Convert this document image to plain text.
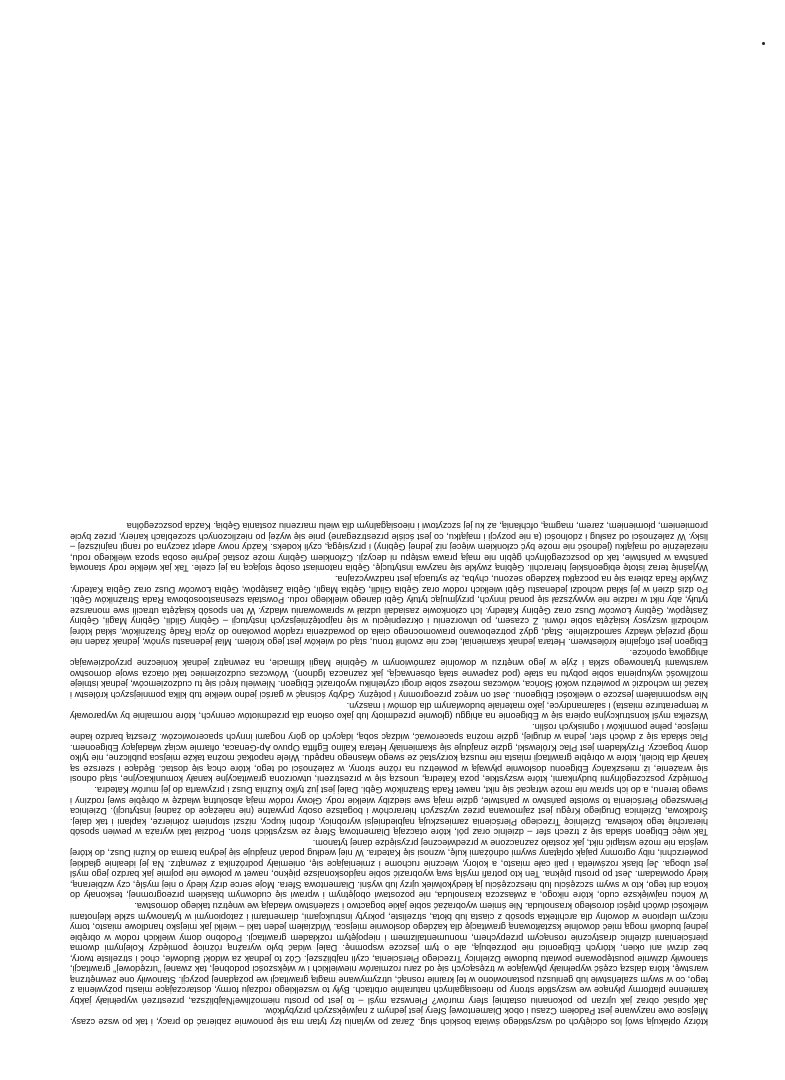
którzy opłakują swój los odciętych od wszystkiego świata boskich sług. Zaraz po wylaniu łzy tytan ma się ponownie zabierać do pracy, i tak po wsze czasy. Miejsce owe nazywane jest Padołem Czasu i obok Diamentowej Sfery jest jednym z największych przybytków.

Jak opisać obraz jak ujrzan po pokonaniu ostatniej sfery murów? Pierwsza myśl – to jest po prostu niemożliwe!Najbliższa, przestrzeń wypełniały jakby kamienne platformy płynące we wszystkie strony po nieosiągalnych naturalnie orbitach. Były to wszelkiego rodzaju formy, dostarczające miastu pożywienia z tego, co w swym szaleństwie lub geniuszu postanowiono w tej krainie rosnąć, utrzymywane magią grawitacji we pożądanej pozycji. Stanowiły one zewnętrzną warstwę, która dalszą część wypełniały pływające w trzęsących się od zaru rozmiarów niewielkich i w większości podobnej, tak zwanej "urzędowej" grawitacji, stanowiły dziwnie poustępowane powiatu budowie Dzielnicy Trzeciego Pierścienia, czyli najbliższej. Cóż to jednak za widok! Budowle, choć i strzeliste twory, bez drzwi ani okien, których Ebigeonici nie potrzebują, ale o tym jeszcze wspomnę. Dalej widać było wyraźną różnicę pomiędzy Kolejnymi dwoma pierścieniami dzielnic drastycznie rosnącym przepychem, monumentalizmem i niepojętym rozkładem grawitacji. Podobno domy wielkich rodów w obrębie jednej budowli mogą mieć dowolnie kształtowaną grawitację dla każdego dosłownie miejsca. Widziałem jeden taki – wielki jak miejsko handlowe miasto, tomy niczym ulepione w dowolny dla architekta sposób z ciasta lub błota, strzeliste, pokryty instrukcjami, diamentami i zatopionymi w tytanowym szkle klejnotami wielkości dwóch pięści dorosłego krasnoluda. Nie śmiem wyobrażać sobie jakie bogactwo i szaleństwo władają we wnętrzu takiego domostwa.

W końcu największe cudo, które nikogo, a zwłaszcza krasnoluda, nie pozostawi obojętnym i wprawi się cudownym blaskiem przeogromnej, teskonały do końca dni tego, kto w swym szczęściu lub nieszczęściu ją kiedykolwiek ujrzy lub wyśni. Diamentowa Sfera. Moje serce drży kiedy o niej myślę, czy wzbieraną, kiedy opowiadam. Jest po prostu piękna. Ten kto potrafi myślą swą wyobrazić sobie najdoskonalsze piękno, nawet w połowie nie pojmie jak bardzo jego myśl jest uboga. Jej blask rozświetla i pali całe miasto, a kolory, wiecznie ruchome i zmieniające się, oniemiały podróżnika z zewnątrz. Na jej idealnie gładkiej powierzchni, niby ogromny pająk oplątany swymi odnóżami kulę, wznosi się Katedra. W niej według podań znajduje się jedyna brama do Kuźni Dusz, do której wejścia nie może wstąpić nikt, jak zostało zaznaczone w przedwiecznej przysiędze danej tytanom.

Tak więc Ebigeon składa się z trzech sfer – dzielnic oraz pól, które otaczają Diamentową Sferę ze wszystkich stron. Podział taki wyraża w pewien sposób hierarchię tego kolestwa. Dzielnicę Trzeciego Pierścienia zamieszkują najbiedniejsi wyrobnicy, drobni kupcy, niższi stopniem żołnierze, kapłani i tak dalej. Środkowa, Dzielnica Drugiego Kręgu jest zajmowana przez wyższych hierarchów i bogatsze osoby prywatne (nie należące do żadnej instytucji). Dzielnica Pierwszego Pierścienia to swoiste państwo w państwie, gdzie mają swe siedziby wielkie rody. Głowy rodów mają absolutną władzę w obrębie swej rodziny i swego terenu, a do ich spraw nie może wtrącać się nikt, nawet Rada Strażników Gębi. Dalej jest już tylko Kuźnia Dusz i przywarta do jej murów Katedra.

Pomiędzy poszczególnymi budynkami, które wszystkie, poza Katedrą, unoszą się w przestrzeni, utworzona grawitacyjne kanały komunikacyjne, stąd odnosi się wrażenie, iż mieszkańcy Ebigeonu dosłownie pływają w powietrzu na różne strony, w zależności od tego, które chcą się dostać. Będące i szersze są kanały dla bicieli, które w obrębie grawitacji miasta nie muszą korzystać ze swego własnego napędu. Wiele napotkać można także miejsca publiczne, nie tylko domy bogaczy. Przykładem jest Plac Królewski, gdzie znajduje się skamieniały Hetara Kalino Egfitta Opuvo Ap-Genaca, ofiarnie wciąż władający Ebigeonem. Plac składa się z dwóch sfer, jedna w drugiej, gdzie można spacerować, widząc sobą, idących do góry nogami innych spacerowiczów. Zresztą bardzo ładne miejsce, pełne pomników i ogniskych roślin.

Wszelka myśl konstrukcyjna opiera się w Ebigeonie na ahiggu (głownie przedmioty lub jako osłona dla przedmiotów cennych, które normalnie by wyparowały w temperaturze miasta) i salamandryce, jako materiale budowlanym dla domów i maszyn.

Nie wspomniałem jeszcze o wielkości Ebigeonu. Jest on wręcz przeogromny i potężny. Gdyby ścisnąć w garści jedno wielkie tub kilka pomniejszych królestw i kazać im wchodzić w powietrzu wokół Słońca, wówczas możesz sobie drogi czytelniku wyobrazić Ebigeon. Niewielu kręci się tu cudzoziemców, jednak istnieje możliwość wykupienia sobie pobytu na stałe (pod zapewne stałą obserwacją, jak zaznacza Igdnon). Wówczas cudzoziemiec taki otacza swoje domostwo warstwami tytanowego szkła i żyje w jego wnętrzu w dowolnie zamówionym w Gębinie Magii klimacie, na zewnątrz jednak konieczne przyodziewając ahiggową opończe.

Ebigeon jest oficjalnie królestwem. Hetara jednak skamieniał, lecz nie zwolnił tronu, stąd od wieków jest jego królem. Miał jedenastu synów, jednak żaden nie mógł przejąć władzy samodzielnie. Stąd, gdyż potrzebowano prawomocnego ciała do powadzenia rządów powołano do życia Radę Strażników, skład której wchodzili wszyscy książęta sobie równi. Z czasem, po utworzeniu i okrzepnięciu w się najpotężniejszych instytucji – Gębiny Glidii, Gębiny Magii, Gębiny Zastępów, Gębiny Łowców Dusz oraz Gębiny Katedry. Ich członkowie zasiadali udział w sprawowaniu władzy. W ten sposób książęta utracili swe monarsze tytuły, aby nikt w radzie nie wywyższał się ponad innych, przyjmując tytuły Gębi danego wielkiego rodu. Powstała szesnastoosobowa Rada Strażników Gębi. Po dziś dzień w jej skład wchodzi jedenastu Gębi wielkich rodów oraz Gębia Glidii, Gębia Magii, Gębia Zastępów, Gębia Łowców Dusz oraz Gębia Katedry. Zwykle Rada zbiera się na początku każdego sezonu, chyba, że sytuacja jest nadzwyczajna.

Wyjaśnię teraz istotę ebigeońskiej hierarchii. Gębiną zwykle się nazywa instytucję, Gębia natomiast osobę stojącą na jej czele. Tak jak wielkie rody stanowią państwa w państwie, tak do poszczególnych gębin nie mają prawa wstępu ni decyzji. Członkiem Gębiny może zostać jedynie osoba spoza wielkiego rodu, niezależnie od majątku (jedność nie może być członkiem więcej niż jednej Gębiny) i przysięgą, czyli kodeks. Każdy nowy adept zaczyna od rangi najniższej – lisky. W zależności od zasług i zdolności (a nie pozycji i majątku, co jest ściśle przestrzegane) pnie się wyżej po niezliczonych szczeblach kariery, przez bycie promieniem, płomieniem, zarem, magmą, ofchłanią, aż ku jej szczytowi i nieosiągalnym dla wielu marzeniu zostania Gębią. Każda poszczególna
